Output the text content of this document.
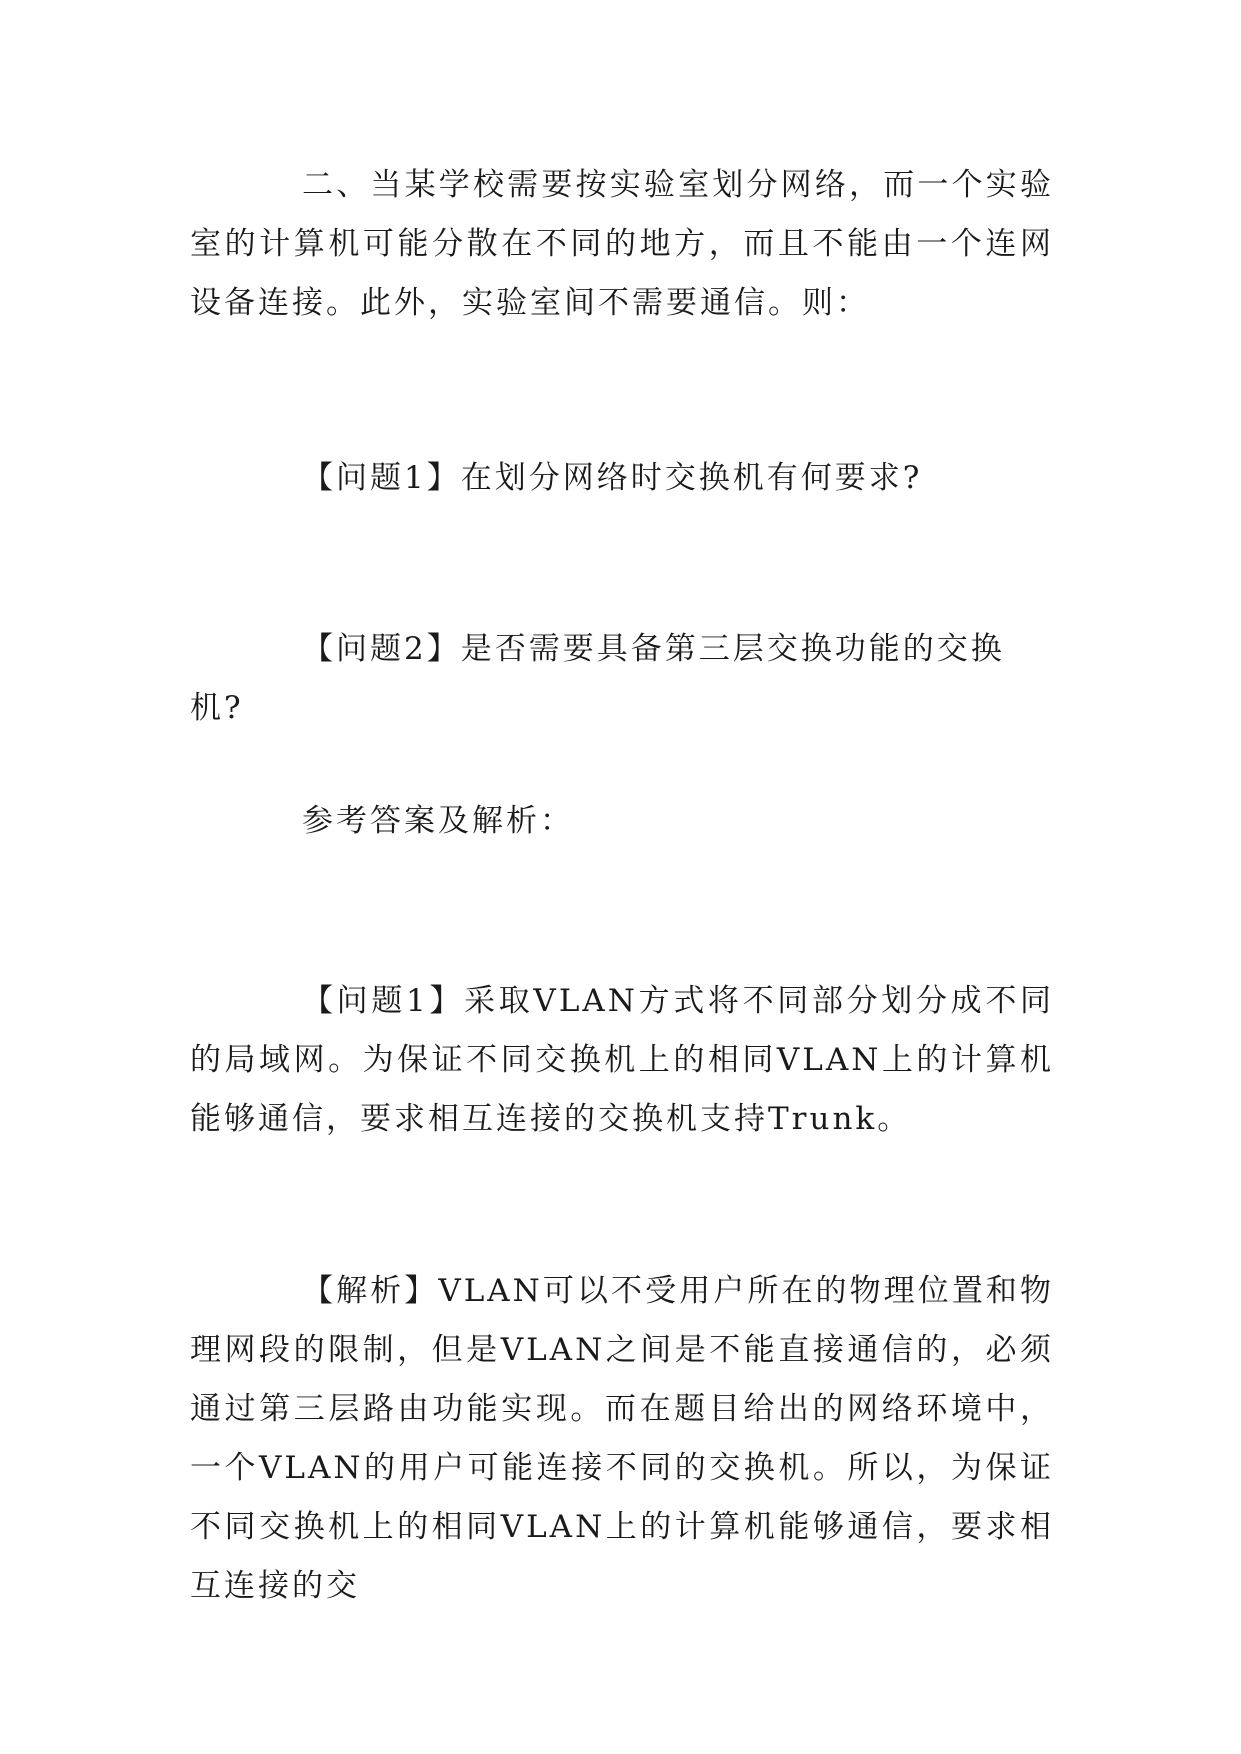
二、当某学校需要按实验室划分网络，而一个实验室的计算机可能分散在不同的地方，而且不能由一个连网设备连接。此外，实验室间不需要通信。则：

【问题1】在划分网络时交换机有何要求?

【问题2】是否需要具备第三层交换功能的交换机?

参考答案及解析：

【问题1】采取VLAN方式将不同部分划分成不同的局域网。为保证不同交换机上的相同VLAN上的计算机能够通信，要求相互连接的交换机支持Trunk。

【解析】VLAN可以不受用户所在的物理位置和物理网段的限制，但是VLAN之间是不能直接通信的，必须通过第三层路由功能实现。而在题目给出的网络环境中，一个VLAN的用户可能连接不同的交换机。所以，为保证不同交换机上的相同VLAN上的计算机能够通信，要求相互连接的交
